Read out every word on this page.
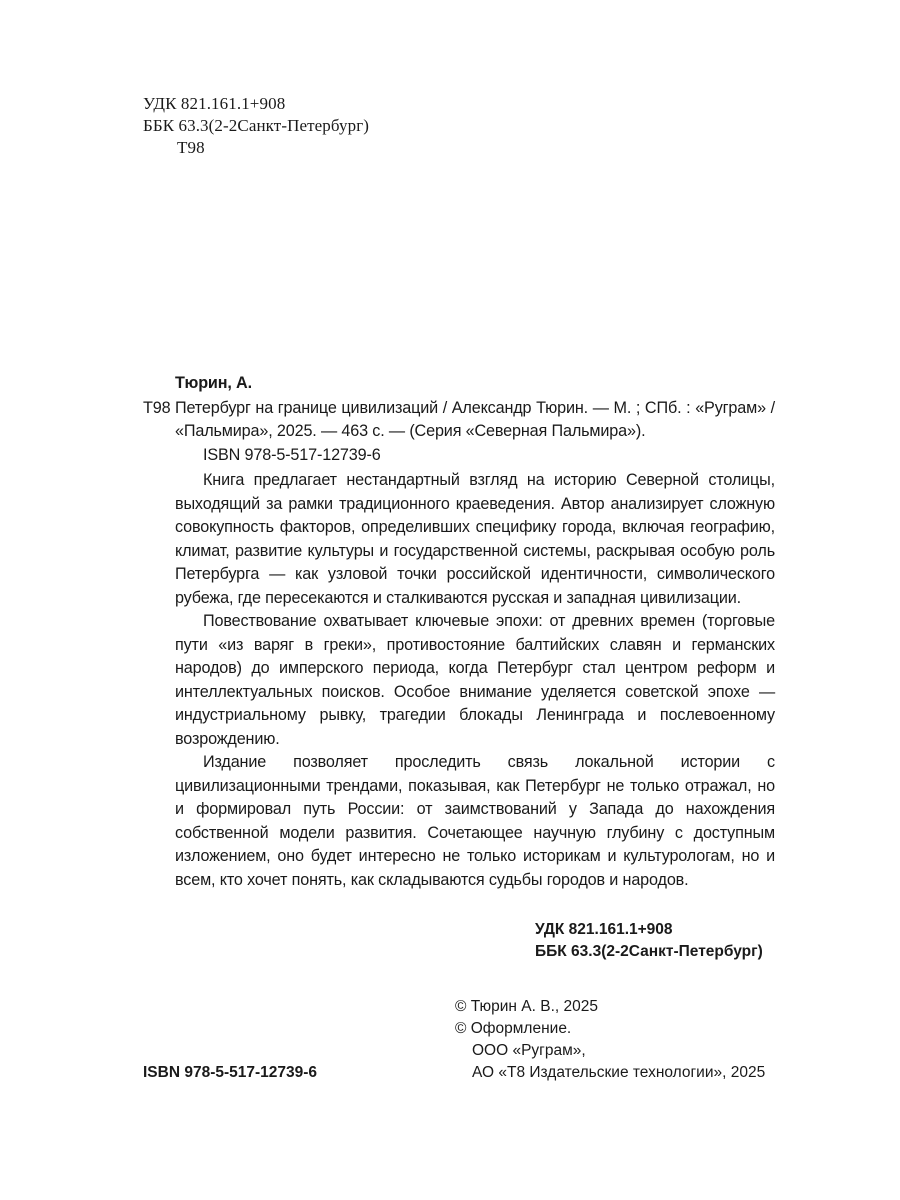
УДК 821.161.1+908
ББК 63.3(2-2Санкт-Петербург)
Т98
Тюрин, А.
Т98 Петербург на границе цивилизаций / Александр Тюрин. — М. ; СПб. : «Руграм» / «Пальмира», 2025. — 463 с. — (Серия «Северная Пальмира»).
ISBN 978-5-517-12739-6

Книга предлагает нестандартный взгляд на историю Северной столицы, выходящий за рамки традиционного краеведения. Автор анализирует сложную совокупность факторов, определивших специфику города, включая географию, климат, развитие культуры и государственной системы, раскрывая особую роль Петербурга — как узловой точки российской идентичности, символического рубежа, где пересекаются и сталкиваются русская и западная цивилизации.

Повествование охватывает ключевые эпохи: от древних времен (торговые пути «из варяг в греки», противостояние балтийских славян и германских народов) до имперского периода, когда Петербург стал центром реформ и интеллектуальных поисков. Особое внимание уделяется советской эпохе — индустриальному рывку, трагедии блокады Ленинграда и послевоенному возрождению.

Издание позволяет проследить связь локальной истории с цивилизационными трендами, показывая, как Петербург не только отражал, но и формировал путь России: от заимствований у Запада до нахождения собственной модели развития. Сочетающее научную глубину с доступным изложением, оно будет интересно не только историкам и культурологам, но и всем, кто хочет понять, как складываются судьбы городов и народов.

УДК 821.161.1+908
ББК 63.3(2-2Санкт-Петербург)
© Тюрин А. В., 2025
© Оформление.
ООО «Руграм»,
АО «Т8 Издательские технологии», 2025
ISBN 978-5-517-12739-6
